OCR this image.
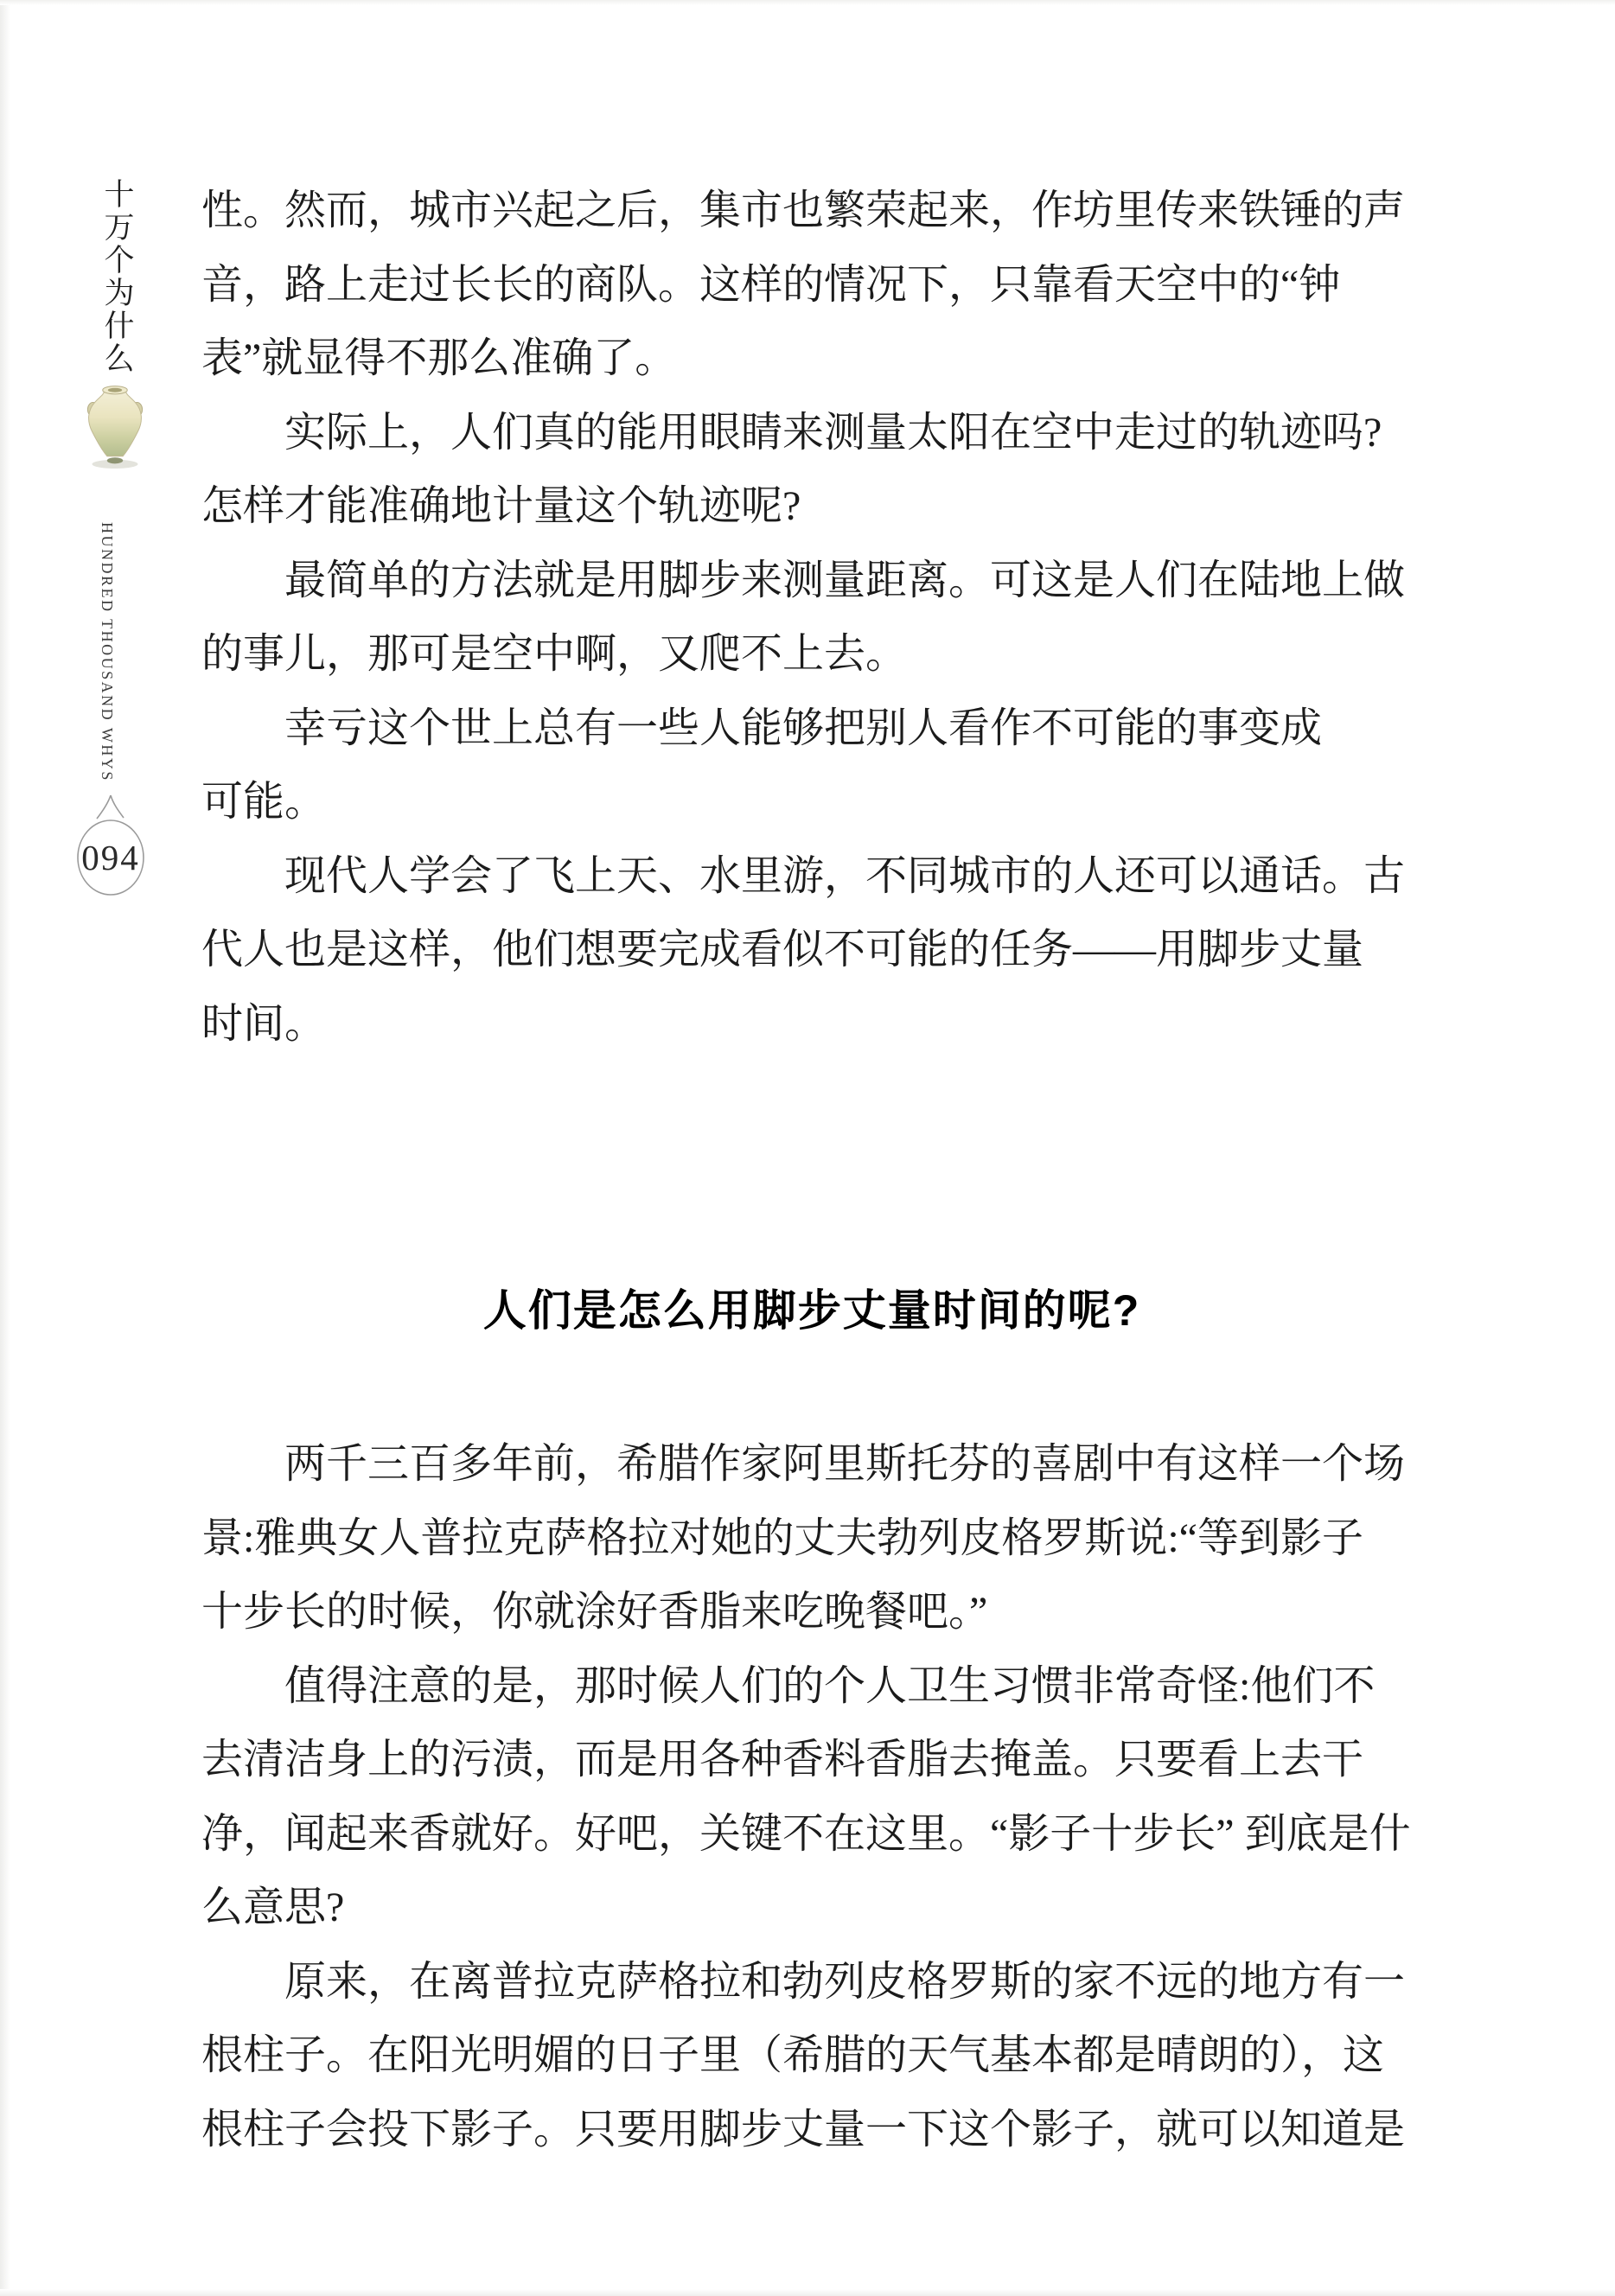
十万个为什么
HUNDRED THOUSAND WHYS
094
性。然而，城市兴起之后，集市也繁荣起来，作坊里传来铁锤的声
音，路上走过长长的商队。这样的情况下，只靠看天空中的“钟
表”就显得不那么准确了。
实际上，人们真的能用眼睛来测量太阳在空中走过的轨迹吗?
怎样才能准确地计量这个轨迹呢?
最简单的方法就是用脚步来测量距离。可这是人们在陆地上做
的事儿，那可是空中啊，又爬不上去。
幸亏这个世上总有一些人能够把别人看作不可能的事变成
可能。
现代人学会了飞上天、水里游，不同城市的人还可以通话。古
代人也是这样，他们想要完成看似不可能的任务——用脚步丈量
时间。
人们是怎么用脚步丈量时间的呢?
两千三百多年前，希腊作家阿里斯托芬的喜剧中有这样一个场
景:雅典女人普拉克萨格拉对她的丈夫勃列皮格罗斯说:“等到影子
十步长的时候，你就涂好香脂来吃晚餐吧。”
值得注意的是，那时候人们的个人卫生习惯非常奇怪:他们不
去清洁身上的污渍，而是用各种香料香脂去掩盖。只要看上去干
净，闻起来香就好。好吧，关键不在这里。“影子十步长” 到底是什
么意思?
原来，在离普拉克萨格拉和勃列皮格罗斯的家不远的地方有一
根柱子。在阳光明媚的日子里（希腊的天气基本都是晴朗的），这
根柱子会投下影子。只要用脚步丈量一下这个影子，就可以知道是
